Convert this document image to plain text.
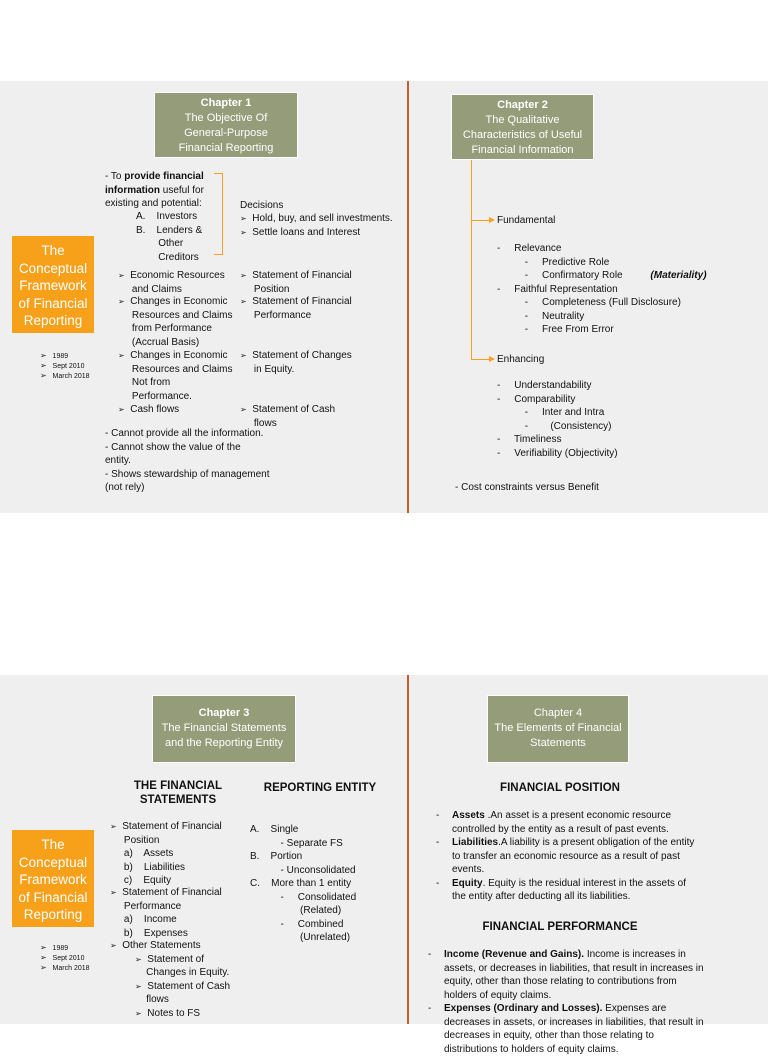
Chapter 1
The Objective Of
General-Purpose
Financial Reporting
Chapter 2
The Qualitative
Characteristics of Useful
Financial Information
The
Conceptual
Framework
of Financial
Reporting
➢ 1989
➢ Sept 2010
➢ March 2018
- To provide financial
information useful for
existing and potential:
A.    Investors
B.    Lenders &
Other
Creditors
Decisions
➢ Hold, buy, and sell investments.
➢ Settle loans and Interest
➢ Economic Resources
and Claims
➢ Changes in Economic
Resources and Claims
from Performance
(Accrual Basis)
➢ Changes in Economic
Resources and Claims
Not from
Performance.
➢ Cash flows
➢ Statement of Financial
Position
➢ Statement of Financial
Performance
➢ Statement of Changes
in Equity.
➢ Statement of Cash
flows
- Cannot provide all the information.
- Cannot show the value of the
entity.
- Shows stewardship of management
(not rely)
Fundamental
-     Relevance
-     Predictive Role
-     Confirmatory Role	(Materiality)
-     Faithful Representation
-     Completeness (Full Disclosure)
-     Neutrality
-     Free From Error
Enhancing
-     Understandability
-     Comparability
-     Inter and Intra
-        (Consistency)
-     Timeliness
-     Verifiability (Objectivity)
- Cost constraints versus Benefit
Chapter 3
The Financial Statements
and the Reporting Entity
Chapter 4
The Elements of Financial
Statements
The
Conceptual
Framework
of Financial
Reporting
➢ 1989
➢ Sept 2010
➢ March 2018
THE FINANCIAL
STATEMENTS
REPORTING ENTITY
➢ Statement of Financial
Position
a)    Assets
b)    Liabilities
c)    Equity
➢ Statement of Financial
Performance
a)    Income
b)    Expenses
➢ Other Statements
➢ Statement of
Changes in Equity.
➢ Statement of Cash
flows
➢ Notes to FS
A.    Single
- Separate FS
B.    Portion
- Unconsolidated
C.    More than 1 entity
-     Consolidated
(Related)
-     Combined
(Unrelated)
FINANCIAL POSITION
- Assets .An asset is a present economic resource controlled by the entity as a result of past events.
- Liabilities.A liability is a present obligation of the entity to transfer an economic resource as a result of past events.
- Equity. Equity is the residual interest in the assets of the entity after deducting all its liabilities.
FINANCIAL PERFORMANCE
- Income (Revenue and Gains). Income is increases in assets, or decreases in liabilities, that result in increases in equity, other than those relating to contributions from holders of equity claims.
- Expenses (Ordinary and Losses). Expenses are decreases in assets, or increases in liabilities, that result in decreases in equity, other than those relating to distributions to holders of equity claims.
